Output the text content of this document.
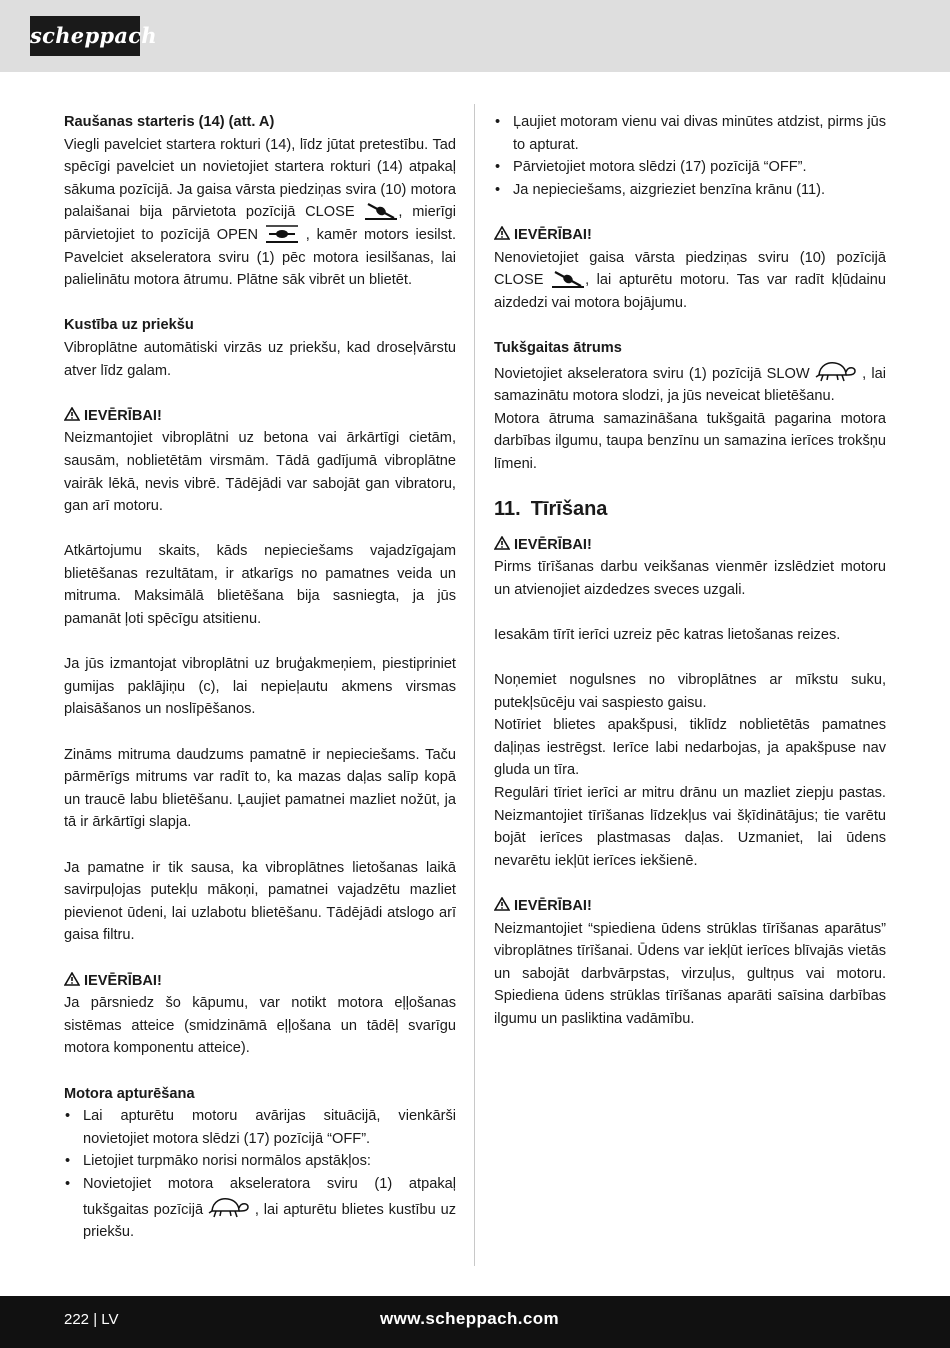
scheppach
Raušanas starteris (14) (att. A)

Viegli pavelciet startera rokturi (14), līdz jūtat pretestību. Tad spēcīgi pavelciet un novietojiet startera rokturi (14) atpakaļ sākuma pozīcijā. Ja gaisa vārsta piedziņas svira (10) motora palaišanai bija pārvietota pozīcijā CLOSE	, mierīgi pārvietojiet to pozīcijā OPEN	, kamēr motors iesilst. Pavelciet akseleratora sviru (1) pēc motora iesilšanas, lai palielinātu motora ātrumu. Plātne sāk vibrēt un blietēt.

Kustība uz priekšu

Vibroplātne automātiski virzās uz priekšu, kad droseļvārstu atver līdz galam.

IEVĒRĪBAI!

Neizmantojiet vibroplātni uz betona vai ārkārtīgi cietām, sausām, noblietētām virsmām. Tādā gadījumā vibroplātne vairāk lēkā, nevis vibrē. Tādējādi var sabojāt gan vibratoru, gan arī motoru.

Atkārtojumu skaits, kāds nepieciešams vajadzīgajam blietēšanas rezultātam, ir atkarīgs no pamatnes veida un mitruma. Maksimālā blietēšana bija sasniegta, ja jūs pamanāt ļoti spēcīgu atsitienu.

Ja jūs izmantojat vibroplātni uz bruģakmeņiem, piestipriniet gumijas paklājiņu (c), lai nepieļautu akmens virsmas plaisāšanos un noslīpēšanos.

Zināms mitruma daudzums pamatnē ir nepieciešams. Taču pārmērīgs mitrums var radīt to, ka mazas daļas salīp kopā un traucē labu blietēšanu. Ļaujiet pamatnei mazliet nožūt, ja tā ir ārkārtīgi slapja.

Ja pamatne ir tik sausa, ka vibroplātnes lietošanas laikā savirpuļojas putekļu mākoņi, pamatnei vajadzētu mazliet pievienot ūdeni, lai uzlabotu blietēšanu. Tādējādi atslogo arī gaisa filtru.

IEVĒRĪBAI!

Ja pārsniedz šo kāpumu, var notikt motora eļļošanas sistēmas atteice (smidzināmā eļļošana un tādēļ svarīgu motora komponentu atteice).

Motora apturēšana
• Lai apturētu motoru avārijas situācijā, vienkārši novietojiet motora slēdzi (17) pozīcijā “OFF”.
• Lietojiet turpmāko norisi normālos apstākļos:
• Novietojiet motora akseleratora sviru (1) atpakaļ tukšgaitas pozīcijā	, lai apturētu blietes kustību uz priekšu.
• Ļaujiet motoram vienu vai divas minūtes atdzist, pirms jūs to apturat.
• Pārvietojiet motora slēdzi (17) pozīcijā “OFF”.
• Ja nepieciešams, aizgrieziet benzīna krānu (11).
IEVĒRĪBAI!

Nenovietojiet gaisa vārsta piedziņas sviru (10) pozīcijā CLOSE	, lai apturētu motoru. Tas var radīt kļūdainu aizdedzi vai motora bojājumu.

Tukšgaitas ātrums

Novietojiet akseleratora sviru (1) pozīcijā SLOW	, lai samazinātu motora slodzi, ja jūs neveicat blietēšanu.

Motora ātruma samazināšana tukšgaitā pagarina motora darbības ilgumu, taupa benzīnu un samazina ierīces trokšņu līmeni.

11. Tīrīšana
IEVĒRĪBAI!

Pirms tīrīšanas darbu veikšanas vienmēr izslēdziet motoru un atvienojiet aizdedzes sveces uzgali.

Iesakām tīrīt ierīci uzreiz pēc katras lietošanas reizes.

Noņemiet nogulsnes no vibroplātnes ar mīkstu suku, putekļsūcēju vai saspiesto gaisu.

Notīriet blietes apakšpusi, tiklīdz noblietētās pamatnes daļiņas iestrēgst. Ierīce labi nedarbojas, ja apakšpuse nav gluda un tīra.

Regulāri tīriet ierīci ar mitru drānu un mazliet ziepju pastas. Neizmantojiet tīrīšanas līdzekļus vai šķīdinātājus; tie varētu bojāt ierīces plastmasas daļas. Uzmaniet, lai ūdens nevarētu iekļūt ierīces iekšienē.

IEVĒRĪBAI!

Neizmantojiet “spiediena ūdens strūklas tīrīšanas aparātus” vibroplātnes tīrīšanai. Ūdens var iekļūt ierīces blīvajās vietās un sabojāt darbvārpstas, virzuļus, gultņus vai motoru. Spiediena ūdens strūklas tīrīšanas aparāti saīsina darbības ilgumu un pasliktina vadāmību.

222 | LV	www.scheppach.com
